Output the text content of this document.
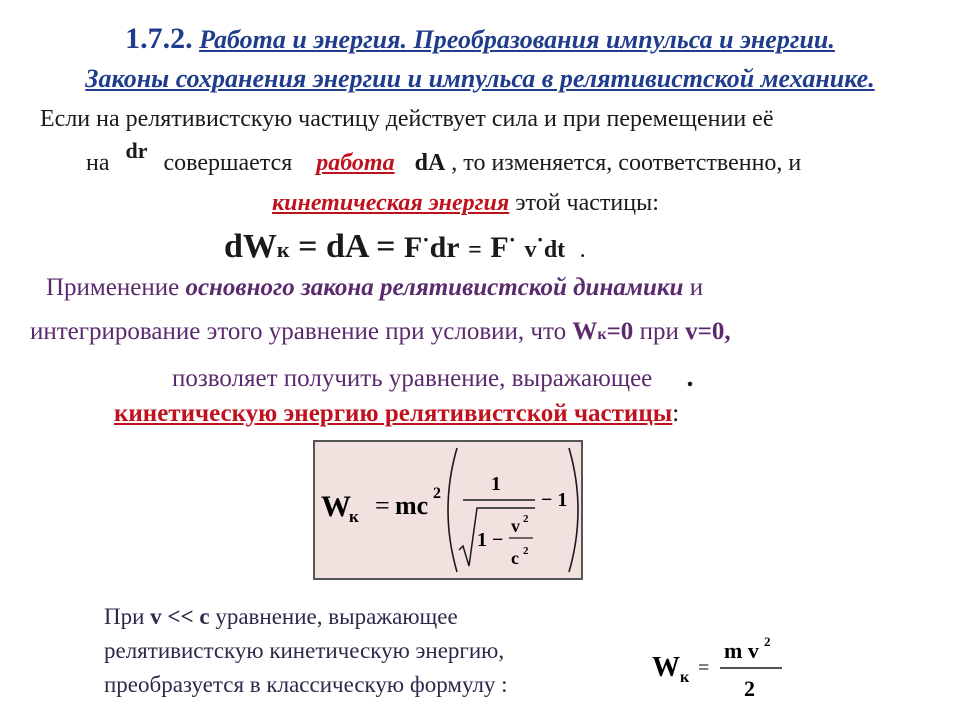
1.7.2. Работа и энергия. Преобразования импульса и энергии.
Законы сохранения энергии и импульса в релятивистской механике.
Если на релятивистскую частицу действует сила и при перемещении её
на dr совершается работа dA , то изменяется, соответственно, и
кинетическая энергия этой частицы:
dWк = dA = F·dr = F· v·dt .
Применение основного закона релятивистской динамики и
интегрирование этого уравнение при условии, что Wк=0 при v=0,
позволяет получить уравнение, выражающее .
кинетическую энергию релятивистской частицы:
W
к = mc 2	1
1 −
v 2
c 2
− 1
При v << c уравнение, выражающее
релятивистскую кинетическую энергию,
преобразуется в классическую формулу :
W к =
m v 2
2
